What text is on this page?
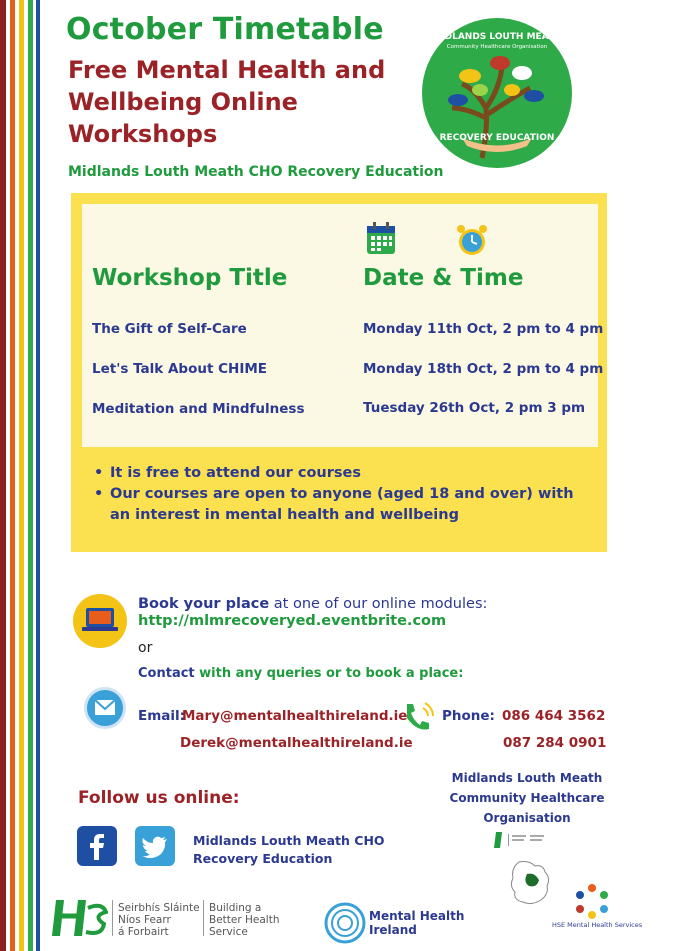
October Timetable
Free Mental Health and Wellbeing Online Workshops
Midlands Louth Meath CHO Recovery Education
MIDLANDS LOUTH MEATH
Community Healthcare Organisation
RECOVERY EDUCATION
Workshop Title	Date & Time
The Gift of Self-Care	Monday 11th Oct, 2 pm to 4 pm
Let's Talk About CHIME	Monday 18th Oct, 2 pm to 4 pm
Meditation and Mindfulness	Tuesday 26th Oct, 2 pm 3 pm
• It is free to attend our courses
• Our courses are open to anyone (aged 18 and over) with an interest in mental health and wellbeing
Book your place at one of our online modules:
http://mlmrecoveryed.eventbrite.com
or
Contact with any queries or to book a place:
Email:
Mary@mentalhealthireland.ie
Derek@mentalhealthireland.ie
Phone: 086 464 3562
087 284 0901
Follow us online:
Midlands Louth Meath CHO
Recovery Education
Midlands Louth Meath
Community Healthcare
Organisation
Seirbhís Sláinte
Níos Fearr
á Forbairt
Building a
Better Health
Service
Mental Health
Ireland	HSE Mental Health Services
